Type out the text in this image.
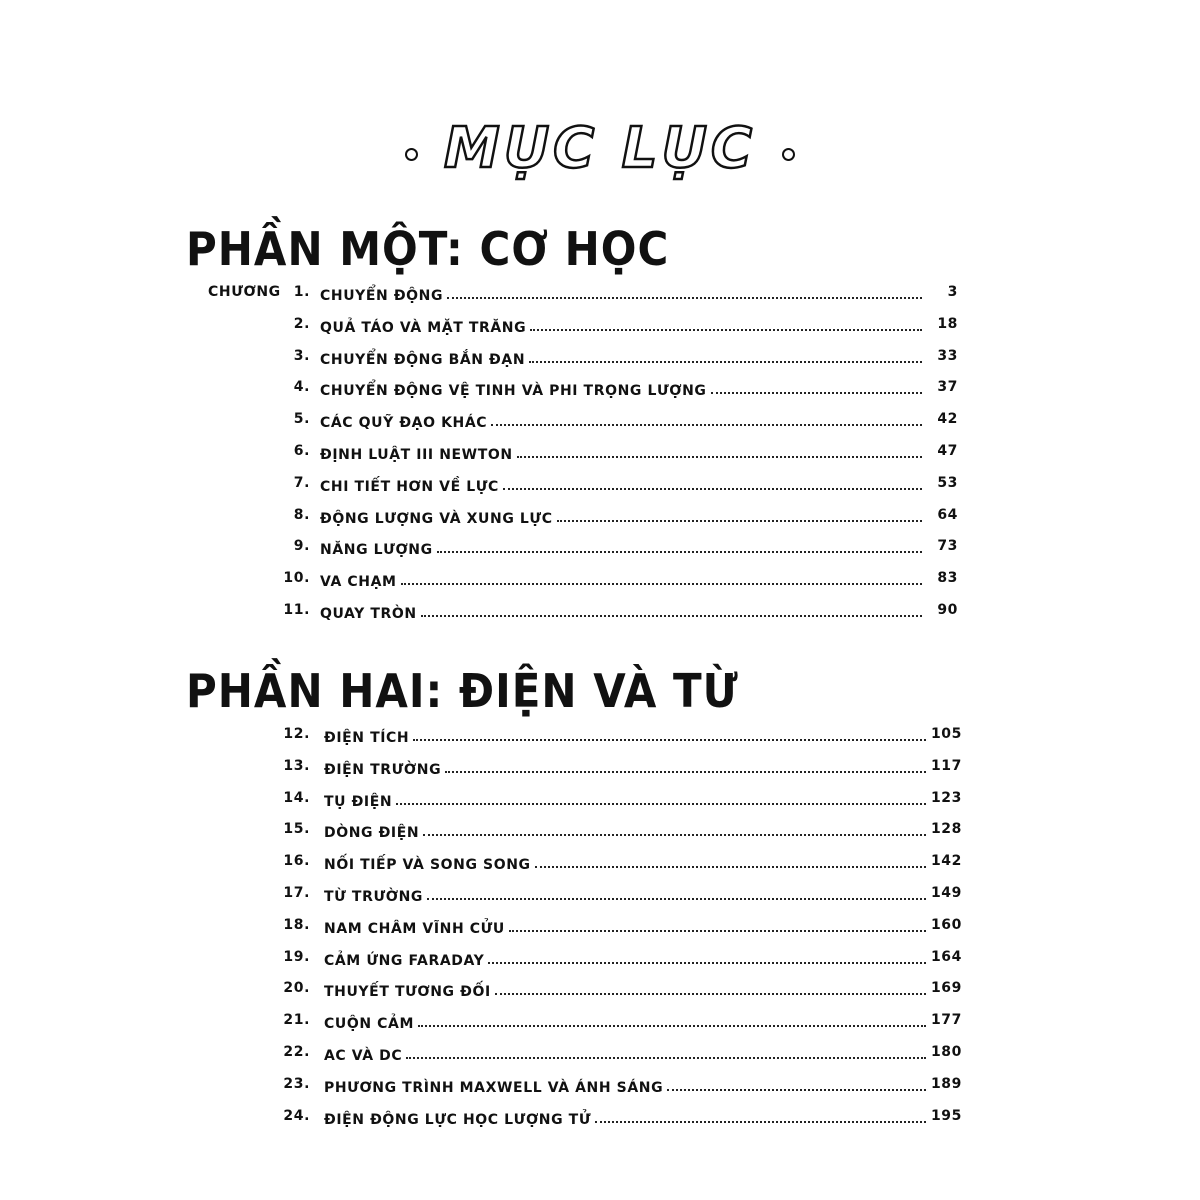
MỤC LỤC
PHẦN MỘT: CƠ HỌC
PHẦN HAI: ĐIỆN VÀ TỪ
CHƯƠNG 1. CHUYỂN ĐỘNG	3
2. QUẢ TÁO VÀ MẶT TRĂNG	18
3. CHUYỂN ĐỘNG BẮN ĐẠN	33
4. CHUYỂN ĐỘNG VỆ TINH VÀ PHI TRỌNG LƯỢNG	37
5. CÁC QUỸ ĐẠO KHÁC	42
6. ĐỊNH LUẬT III NEWTON	47
7. CHI TIẾT HƠN VỀ LỰC	53
8. ĐỘNG LƯỢNG VÀ XUNG LỰC	64
9. NĂNG LƯỢNG	73
10. VA CHẠM	83
11. QUAY TRÒN	90
12. ĐIỆN TÍCH	105
13. ĐIỆN TRƯỜNG	117
14. TỤ ĐIỆN	123
15. DÒNG ĐIỆN	128
16. NỐI TIẾP VÀ SONG SONG	142
17. TỪ TRƯỜNG	149
18. NAM CHÂM VĨNH CỬU	160
19. CẢM ỨNG FARADAY	164
20. THUYẾT TƯƠNG ĐỐI	169
21. CUỘN CẢM	177
22. AC VÀ DC	180
23. PHƯƠNG TRÌNH MAXWELL VÀ ÁNH SÁNG	189
24. ĐIỆN ĐỘNG LỰC HỌC LƯỢNG TỬ	195
